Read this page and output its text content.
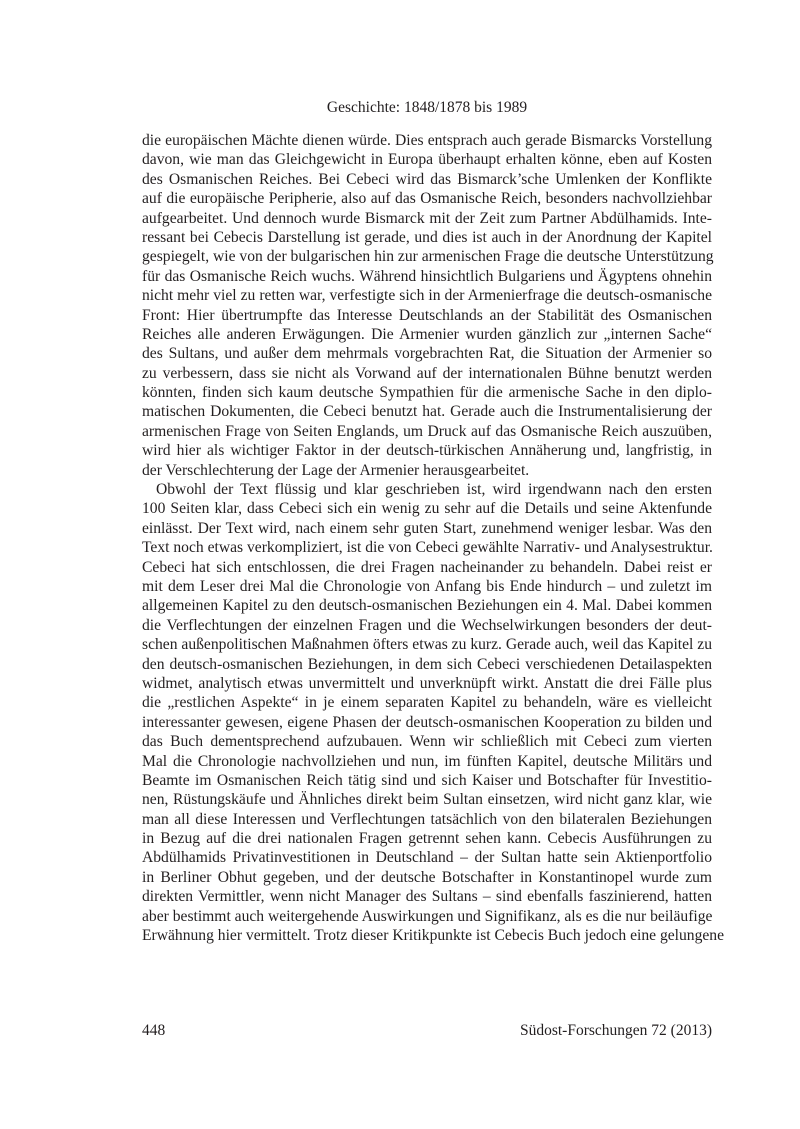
Geschichte: 1848/1878 bis 1989
die europäischen Mächte dienen würde. Dies entsprach auch gerade Bismarcks Vorstellung
davon, wie man das Gleichgewicht in Europa überhaupt erhalten könne, eben auf Kosten
des Osmanischen Reiches. Bei Cebeci wird das Bismarck’sche Umlenken der Konflikte
auf die europäische Peripherie, also auf das Osmanische Reich, besonders nachvollziehbar
aufgearbeitet. Und dennoch wurde Bismarck mit der Zeit zum Partner Abdülhamids. Inte-
ressant bei Cebecis Darstellung ist gerade, und dies ist auch in der Anordnung der Kapitel
gespiegelt, wie von der bulgarischen hin zur armenischen Frage die deutsche Unterstützung
für das Osmanische Reich wuchs. Während hinsichtlich Bulgariens und Ägyptens ohnehin
nicht mehr viel zu retten war, verfestigte sich in der Armenierfrage die deutsch-osmanische
Front: Hier übertrumpfte das Interesse Deutschlands an der Stabilität des Osmanischen
Reiches alle anderen Erwägungen. Die Armenier wurden gänzlich zur „internen Sache“
des Sultans, und außer dem mehrmals vorgebrachten Rat, die Situation der Armenier so
zu verbessern, dass sie nicht als Vorwand auf der internationalen Bühne benutzt werden
könnten, finden sich kaum deutsche Sympathien für die armenische Sache in den diplo-
matischen Dokumenten, die Cebeci benutzt hat. Gerade auch die Instrumentalisierung der
armenischen Frage von Seiten Englands, um Druck auf das Osmanische Reich auszuüben,
wird hier als wichtiger Faktor in der deutsch-türkischen Annäherung und, langfristig, in
der Verschlechterung der Lage der Armenier herausgearbeitet.
Obwohl der Text flüssig und klar geschrieben ist, wird irgendwann nach den ersten
100 Seiten klar, dass Cebeci sich ein wenig zu sehr auf die Details und seine Aktenfunde
einlässt. Der Text wird, nach einem sehr guten Start, zunehmend weniger lesbar. Was den
Text noch etwas verkompliziert, ist die von Cebeci gewählte Narrativ- und Analysestruktur.
Cebeci hat sich entschlossen, die drei Fragen nacheinander zu behandeln. Dabei reist er
mit dem Leser drei Mal die Chronologie von Anfang bis Ende hindurch – und zuletzt im
allgemeinen Kapitel zu den deutsch-osmanischen Beziehungen ein 4. Mal. Dabei kommen
die Verflechtungen der einzelnen Fragen und die Wechselwirkungen besonders der deut-
schen außenpolitischen Maßnahmen öfters etwas zu kurz. Gerade auch, weil das Kapitel zu
den deutsch-osmanischen Beziehungen, in dem sich Cebeci verschiedenen Detailaspekten
widmet, analytisch etwas unvermittelt und unverknüpft wirkt. Anstatt die drei Fälle plus
die „restlichen Aspekte“ in je einem separaten Kapitel zu behandeln, wäre es vielleicht
interessanter gewesen, eigene Phasen der deutsch-osmanischen Kooperation zu bilden und
das Buch dementsprechend aufzubauen. Wenn wir schließlich mit Cebeci zum vierten
Mal die Chronologie nachvollziehen und nun, im fünften Kapitel, deutsche Militärs und
Beamte im Osmanischen Reich tätig sind und sich Kaiser und Botschafter für Investitio-
nen, Rüstungskäufe und Ähnliches direkt beim Sultan einsetzen, wird nicht ganz klar, wie
man all diese Interessen und Verflechtungen tatsächlich von den bilateralen Beziehungen
in Bezug auf die drei nationalen Fragen getrennt sehen kann. Cebecis Ausführungen zu
Abdülhamids Privatinvestitionen in Deutschland – der Sultan hatte sein Aktienportfolio
in Berliner Obhut gegeben, und der deutsche Botschafter in Konstantinopel wurde zum
direkten Vermittler, wenn nicht Manager des Sultans – sind ebenfalls faszinierend, hatten
aber bestimmt auch weitergehende Auswirkungen und Signifikanz, als es die nur beiläufige
Erwähnung hier vermittelt. Trotz dieser Kritikpunkte ist Cebecis Buch jedoch eine gelungene
448	Südost-Forschungen 72 (2013)
